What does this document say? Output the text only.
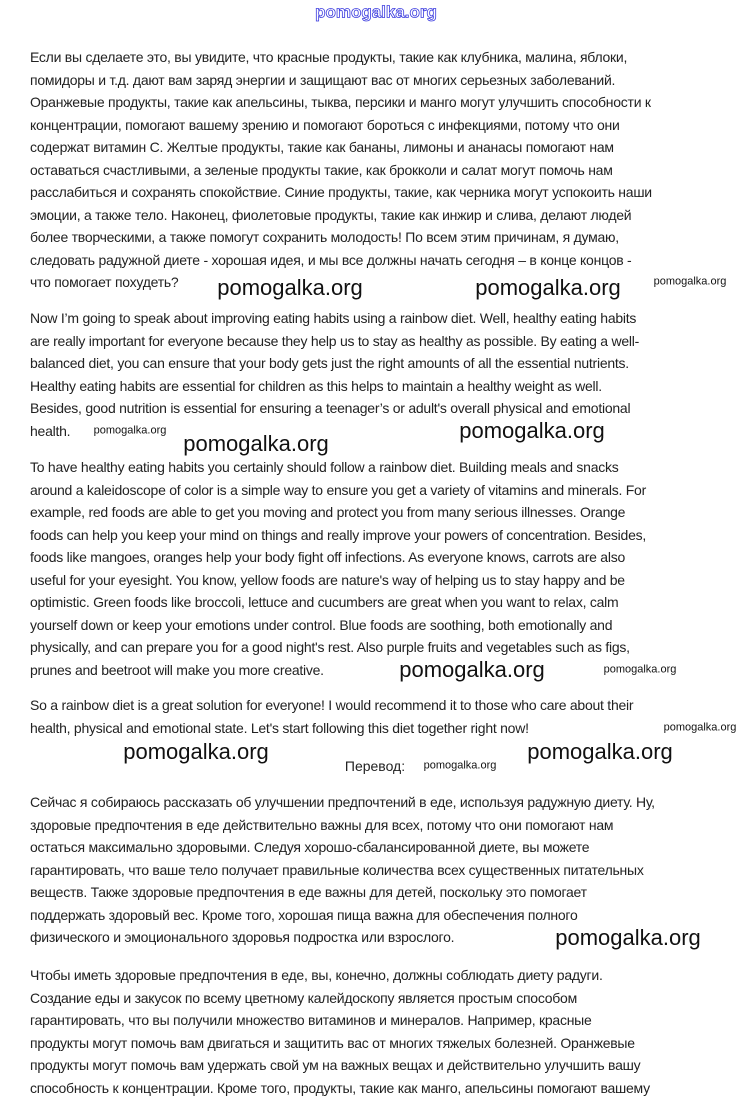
pomogalka.org
Если вы сделаете это, вы увидите, что красные продукты, такие как клубника, малина, яблоки,
помидоры и т.д. дают вам заряд энергии и защищают вас от многих серьезных заболеваний.
Оранжевые продукты, такие как апельсины, тыква, персики и манго могут улучшить способности к
концентрации, помогают вашему зрению и помогают бороться с инфекциями, потому что они
содержат витамин С. Желтые продукты, такие как бананы, лимоны и ананасы помогают нам
оставаться счастливыми, а зеленые продукты такие, как брокколи и салат могут помочь нам
расслабиться и сохранять спокойствие. Синие продукты, такие, как черника могут успокоить наши
эмоции, а также тело. Наконец, фиолетовые продукты, такие как инжир и слива, делают людей
более творческими, а также помогут сохранить молодость! По всем этим причинам, я думаю,
следовать радужной диете - хорошая идея, и мы все должны начать сегодня – в конце концов -
что помогает похудеть?
Now I’m going to speak about improving eating habits using a rainbow diet. Well, healthy eating habits
are really important for everyone because they help us to stay as healthy as possible. By eating a well-
balanced diet, you can ensure that your body gets just the right amounts of all the essential nutrients.
Healthy eating habits are essential for children as this helps to maintain a healthy weight as well.
Besides, good nutrition is essential for ensuring a teenager’s or adult's overall physical and emotional
health.
To have healthy eating habits you certainly should follow a rainbow diet. Building meals and snacks
around a kaleidoscope of color is a simple way to ensure you get a variety of vitamins and minerals. For
example, red foods are able to get you moving and protect you from many serious illnesses. Orange
foods can help you keep your mind on things and really improve your powers of concentration. Besides,
foods like mangoes, oranges help your body fight off infections. As everyone knows, carrots are also
useful for your eyesight. You know, yellow foods are nature's way of helping us to stay happy and be
optimistic. Green foods like broccoli, lettuce and cucumbers are great when you want to relax, calm
yourself down or keep your emotions under control. Blue foods are soothing, both emotionally and
physically, and can prepare you for a good night's rest. Also purple fruits and vegetables such as figs,
prunes and beetroot will make you more creative.
So a rainbow diet is a great solution for everyone! I would recommend it to those who care about their
health, physical and emotional state. Let's start following this diet together right now!
Перевод:
Сейчас я собираюсь рассказать об улучшении предпочтений в еде, используя радужную диету. Ну,
здоровые предпочтения в еде действительно важны для всех, потому что они помогают нам
остаться максимально здоровыми. Следуя хорошо-сбалансированной диете, вы можете
гарантировать, что ваше тело получает правильные количества всех существенных питательных
веществ. Также здоровые предпочтения в еде важны для детей, поскольку это помогает
поддержать здоровый вес. Кроме того, хорошая пища важна для обеспечения полного
физического и эмоционального здоровья подростка или взрослого.
Чтобы иметь здоровые предпочтения в еде, вы, конечно, должны соблюдать диету радуги.
Создание еды и закусок по всему цветному калейдоскопу является простым способом
гарантировать, что вы получили множество витаминов и минералов. Например, красные
продукты могут помочь вам двигаться и защитить вас от многих тяжелых болезней. Оранжевые
продукты могут помочь вам удержать свой ум на важных вещах и действительно улучшить вашу
способность к концентрации. Кроме того, продукты, такие как манго, апельсины помогают вашему
pomogalka.org
pomogalka.org
pomogalka.org
pomogalka.org
pomogalka.org
pomogalka.org	pomogalka.org
pomogalka.org
pomogalka.org
pomogalka.org
pomogalka.org
pomogalka.org
pomogalka.org
